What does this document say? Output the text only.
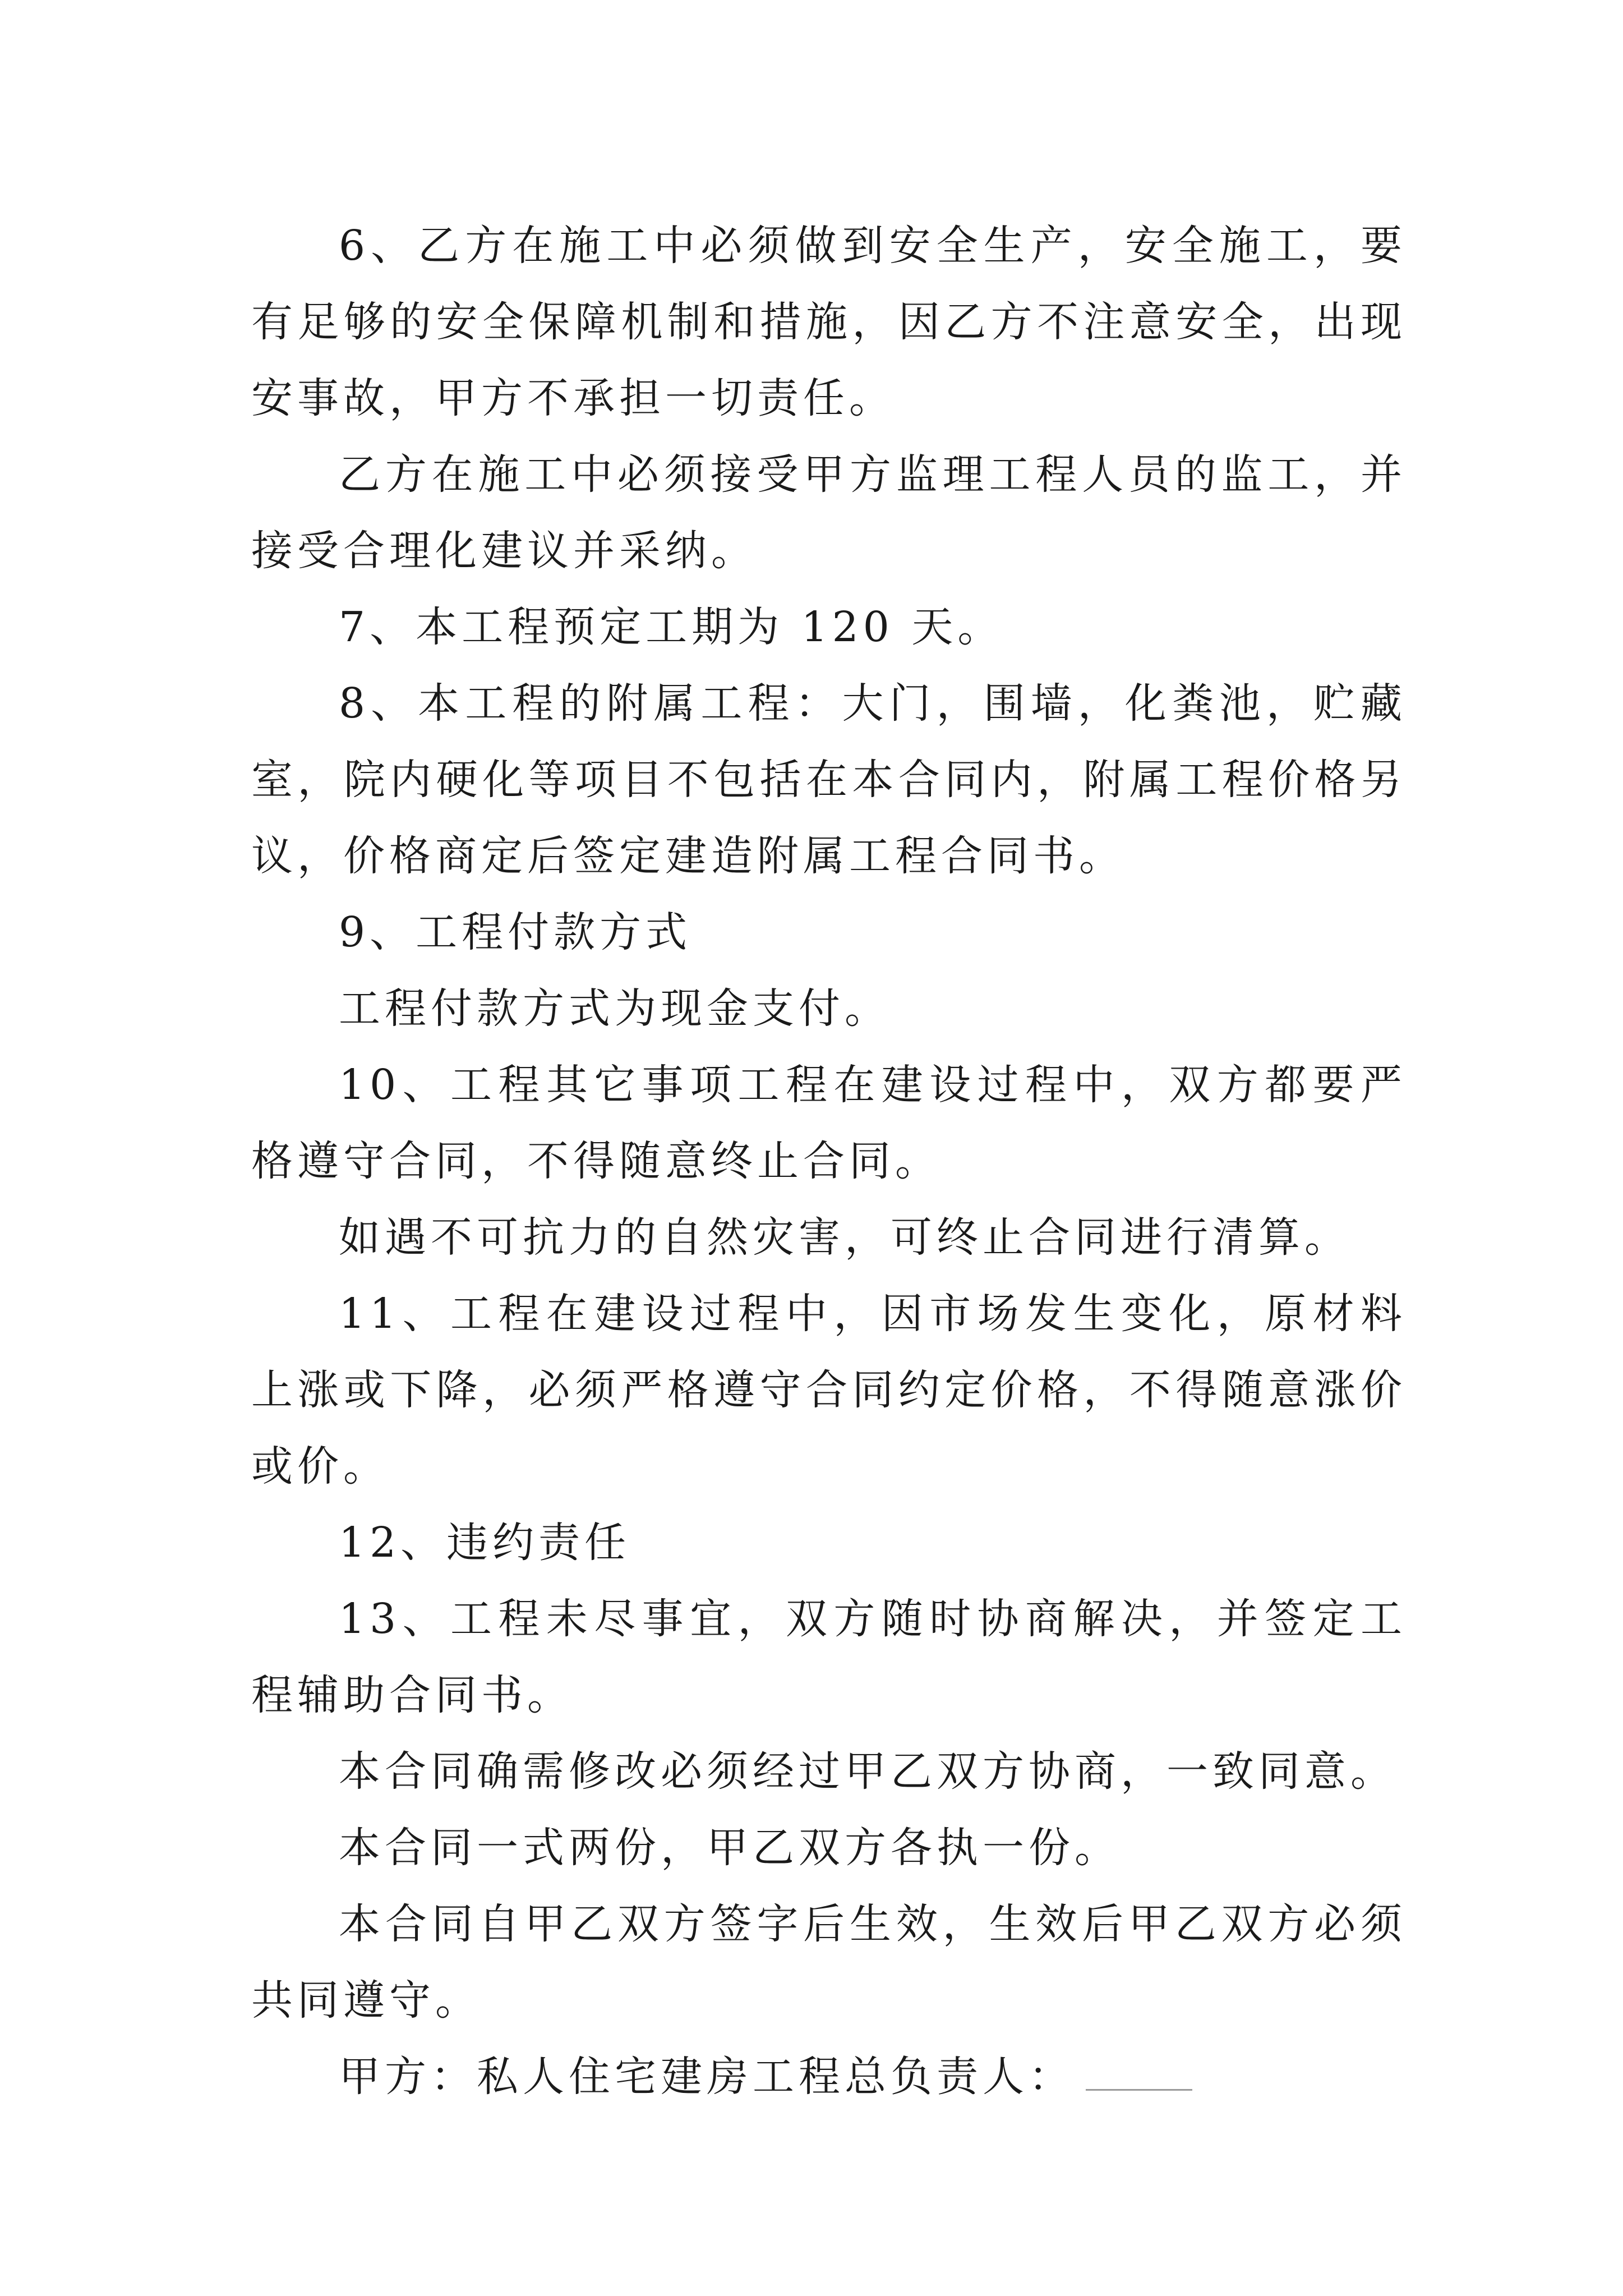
6、乙方在施工中必须做到安全生产，安全施工，要有足够的安全保障机制和措施，因乙方不注意安全，出现安事故，甲方不承担一切责任。

乙方在施工中必须接受甲方监理工程人员的监工，并接受合理化建议并采纳。

7、本工程预定工期为 120 天。

8、本工程的附属工程：大门，围墙，化粪池，贮藏室，院内硬化等项目不包括在本合同内，附属工程价格另议，价格商定后签定建造附属工程合同书。

9、工程付款方式

工程付款方式为现金支付。

10、工程其它事项工程在建设过程中，双方都要严格遵守合同，不得随意终止合同。

如遇不可抗力的自然灾害，可终止合同进行清算。

11、工程在建设过程中，因市场发生变化，原材料上涨或下降，必须严格遵守合同约定价格，不得随意涨价或价。

12、违约责任

13、工程未尽事宜，双方随时协商解决，并签定工程辅助合同书。

本合同确需修改必须经过甲乙双方协商，一致同意。

本合同一式两份，甲乙双方各执一份。

本合同自甲乙双方签字后生效，生效后甲乙双方必须共同遵守。

甲方：私人住宅建房工程总负责人：
